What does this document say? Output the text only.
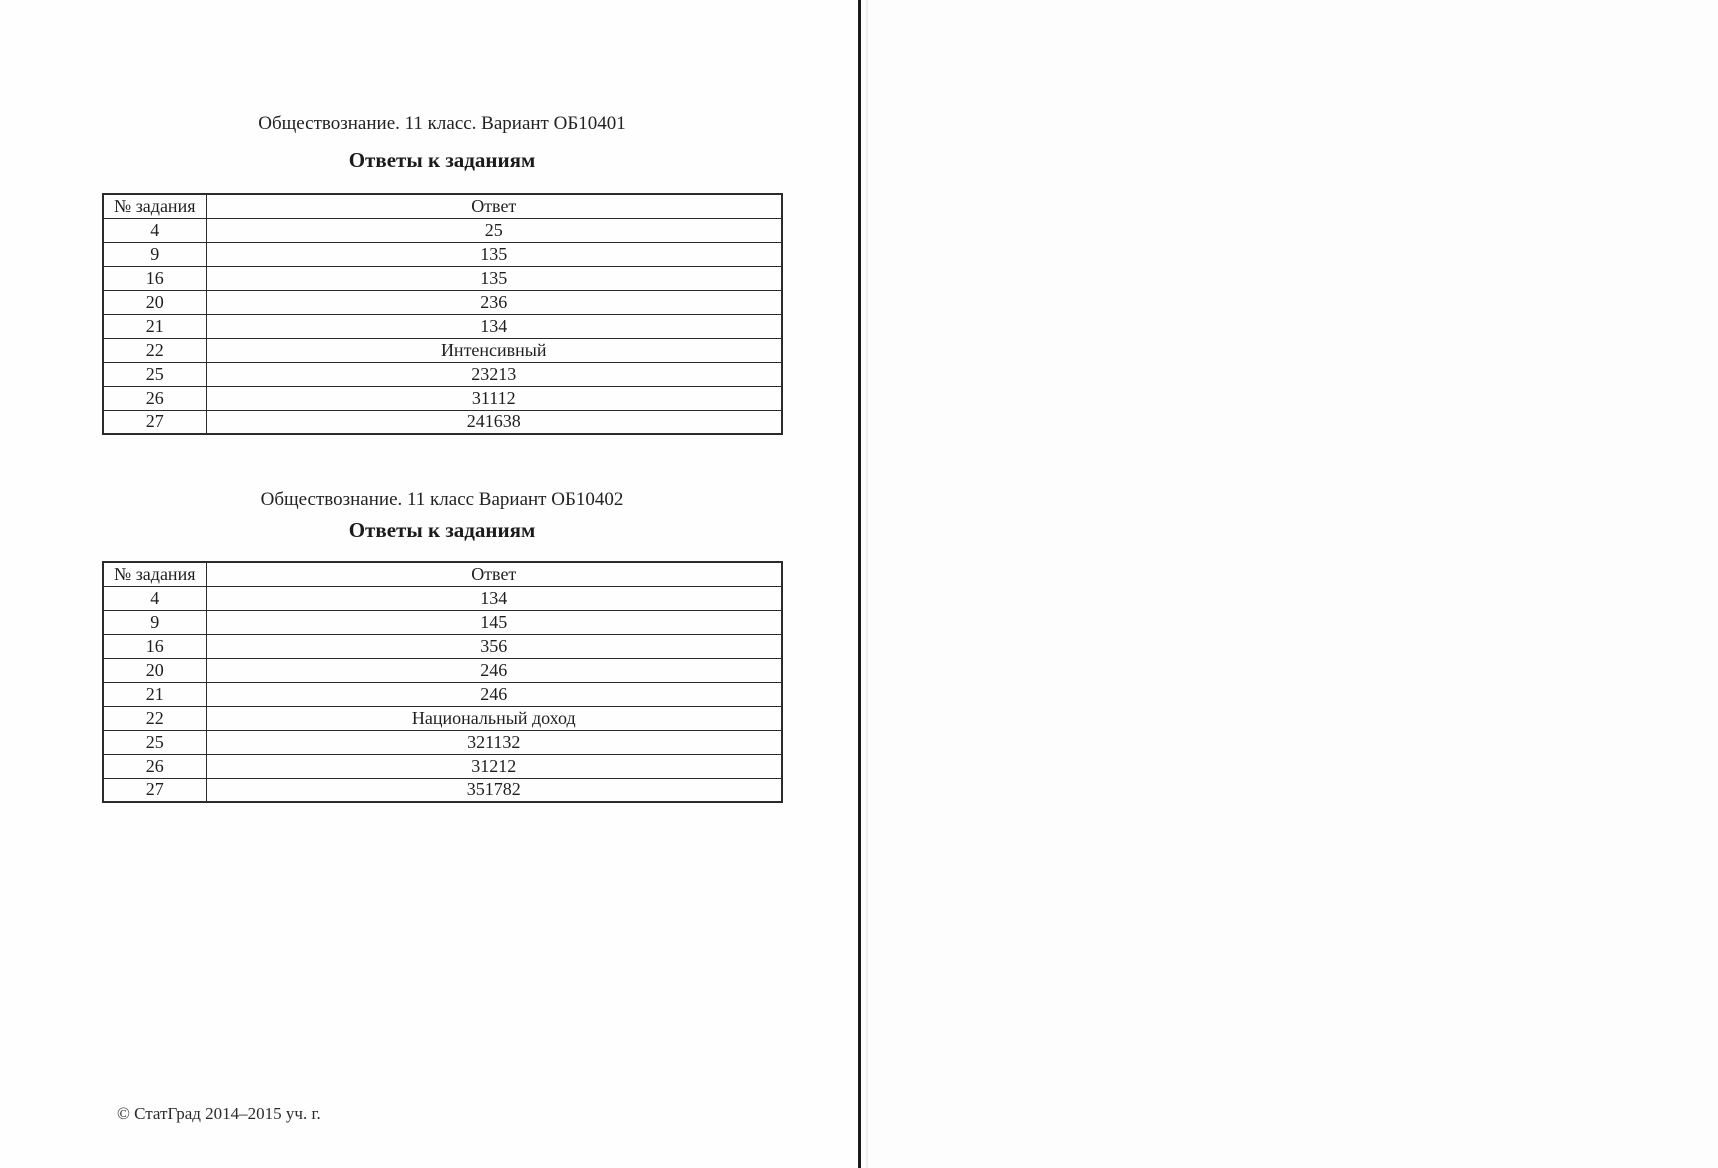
Обществознание. 11 класс. Вариант ОБ10401
Ответы к заданиям
№ задания	Ответ
4	25
9	135
16	135
20	236
21	134
22	Интенсивный
25	23213
26	31112
27	241638
Обществознание. 11 класс Вариант ОБ10402
Ответы к заданиям
№ задания	Ответ
4	134
9	145
16	356
20	246
21	246
22	Национальный доход
25	321132
26	31212
27	351782
© СтатГрад 2014–2015 уч. г.
